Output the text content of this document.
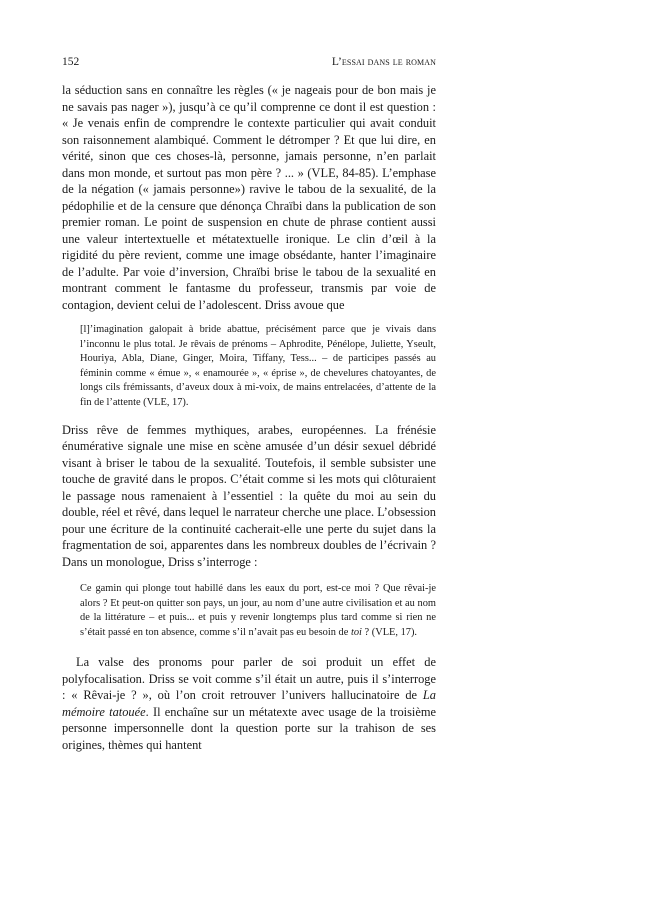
152	L’essai dans le roman

la séduction sans en connaître les règles (« je nageais pour de bon mais je ne savais pas nager »), jusqu’à ce qu’il comprenne ce dont il est question : « Je venais enfin de comprendre le contexte particulier qui avait conduit son raisonnement alambiqué. Comment le détromper ? Et que lui dire, en vérité, sinon que ces choses-là, personne, jamais personne, n’en parlait dans mon monde, et surtout pas mon père ? ... » (VLE, 84-85). L’emphase de la négation (« jamais personne») ravive le tabou de la sexualité, de la pédophilie et de la censure que dénonça Chraïbi dans la publication de son premier roman. Le point de suspension en chute de phrase contient aussi une valeur intertextuelle et métatextuelle ironique. Le clin d’œil à la rigidité du père revient, comme une image obsédante, hanter l’imaginaire de l’adulte. Par voie d’inversion, Chraïbi brise le tabou de la sexualité en montrant comment le fantasme du professeur, transmis par voie de contagion, devient celui de l’adolescent. Driss avoue que

[l]’imagination galopait à bride abattue, précisément parce que je vivais dans l’inconnu le plus total. Je rêvais de prénoms – Aphrodite, Pénélope, Juliette, Yseult, Houriya, Abla, Diane, Ginger, Moira, Tiffany, Tess... – de participes passés au féminin comme « émue », « enamourée », « éprise », de chevelures chatoyantes, de longs cils frémissants, d’aveux doux à mi-voix, de mains entrelacées, d’attente de la fin de l’attente (VLE, 17).

Driss rêve de femmes mythiques, arabes, européennes. La frénésie énumérative signale une mise en scène amusée d’un désir sexuel débridé visant à briser le tabou de la sexualité. Toutefois, il semble subsister une touche de gravité dans le propos. C’était comme si les mots qui clôturaient le passage nous ramenaient à l’essentiel : la quête du moi au sein du double, réel et rêvé, dans lequel le narrateur cherche une place. L’obsession pour une écriture de la continuité cacherait-elle une perte du sujet dans la fragmentation de soi, apparentes dans les nombreux doubles de l’écrivain ? Dans un monologue, Driss s’interroge :

Ce gamin qui plonge tout habillé dans les eaux du port, est-ce moi ? Que rêvai-je alors ? Et peut-on quitter son pays, un jour, au nom d’une autre civilisation et au nom de la littérature – et puis... et puis y revenir longtemps plus tard comme si rien ne s’était passé en ton absence, comme s’il n’avait pas eu besoin de toi ? (VLE, 17).

La valse des pronoms pour parler de soi produit un effet de polyfocalisation. Driss se voit comme s’il était un autre, puis il s’interroge : « Rêvai-je ? », où l’on croit retrouver l’univers hallucinatoire de La mémoire tatouée. Il enchaîne sur un métatexte avec usage de la troisième personne impersonnelle dont la question porte sur la trahison de ses origines, thèmes qui hantent
